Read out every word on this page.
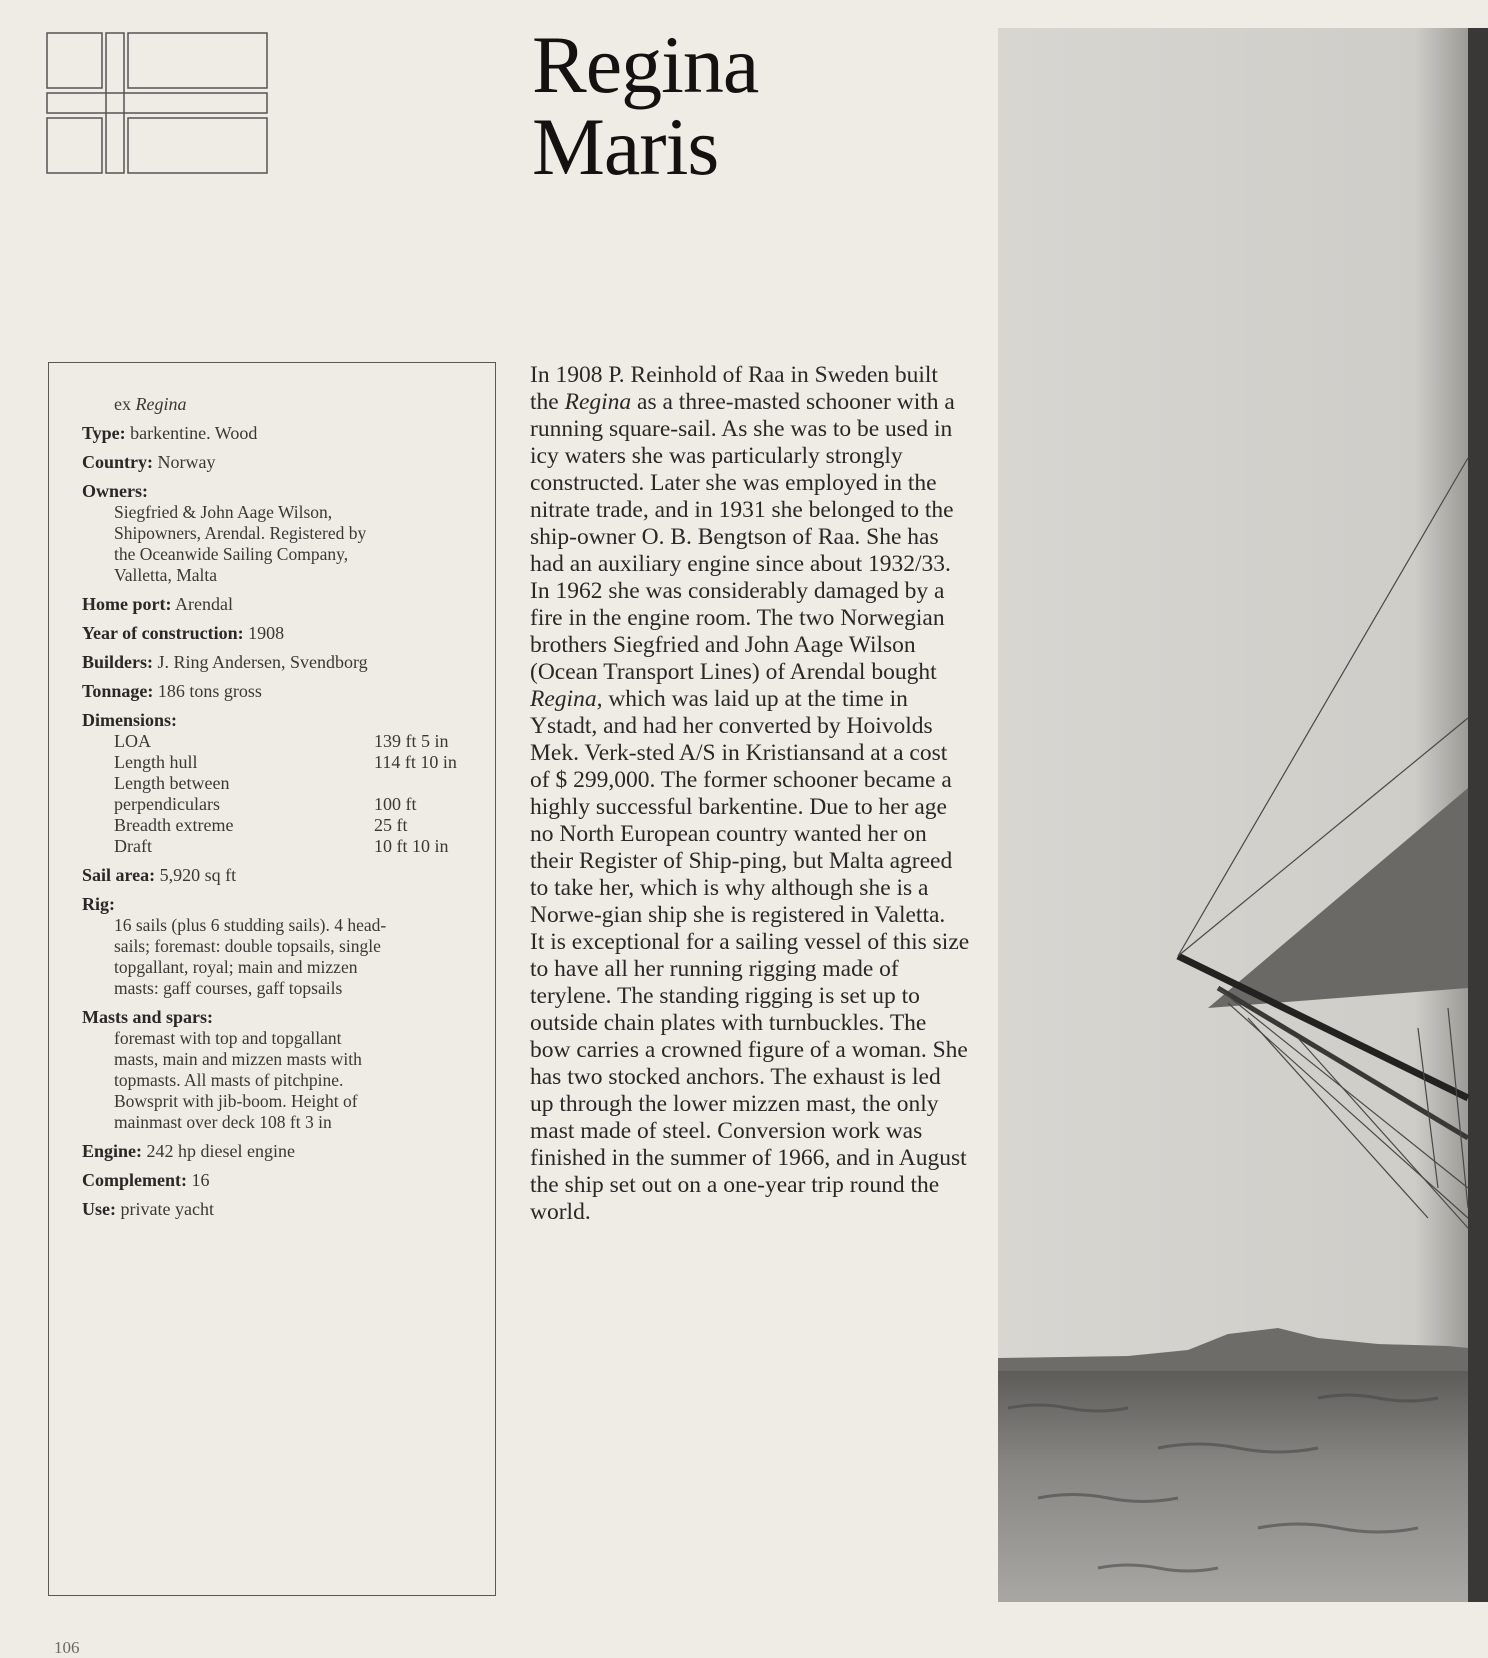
Regina
Maris
ex Regina
Type: barkentine. Wood
Country: Norway
Owners:
Siegfried & John Aage Wilson,
Shipowners, Arendal. Registered by
the Oceanwide Sailing Company,
Valletta, Malta
Home port: Arendal
Year of construction: 1908
Builders: J. Ring Andersen, Svendborg
Tonnage: 186 tons gross
Dimensions:
LOA	139 ft 5 in
Length hull	114 ft 10 in
Length between
perpendiculars	100 ft
Breadth extreme	25 ft
Draft	10 ft 10 in
Sail area: 5,920 sq ft
Rig:
16 sails (plus 6 studding sails). 4 head-
sails; foremast: double topsails, single
topgallant, royal; main and mizzen
masts: gaff courses, gaff topsails
Masts and spars:
foremast with top and topgallant
masts, main and mizzen masts with
topmasts. All masts of pitchpine.
Bowsprit with jib-boom. Height of
mainmast over deck 108 ft 3 in
Engine: 242 hp diesel engine
Complement: 16
Use: private yacht

In 1908 P. Reinhold of Raa in Sweden built the Regina as a three-masted schooner with a running square-sail. As she was to be used in icy waters she was particularly strongly constructed. Later she was employed in the nitrate trade, and in 1931 she belonged to the ship-owner O. B. Bengtson of Raa. She has had an auxiliary engine since about 1932/33.

In 1962 she was considerably damaged by a fire in the engine room. The two Norwegian brothers Siegfried and John Aage Wilson (Ocean Transport Lines) of Arendal bought Regina, which was laid up at the time in Ystadt, and had her converted by Hoivolds Mek. Verk-sted A/S in Kristiansand at a cost of $ 299,000. The former schooner became a highly successful barkentine. Due to her age no North European country wanted her on their Register of Ship-ping, but Malta agreed to take her, which is why although she is a Norwe-gian ship she is registered in Valetta.

It is exceptional for a sailing vessel of this size to have all her running rigging made of terylene. The standing rigging is set up to outside chain plates with turnbuckles. The bow carries a crowned figure of a woman. She has two stocked anchors. The exhaust is led up through the lower mizzen mast, the only mast made of steel. Conversion work was finished in the summer of 1966, and in August the ship set out on a one-year trip round the world.

106
